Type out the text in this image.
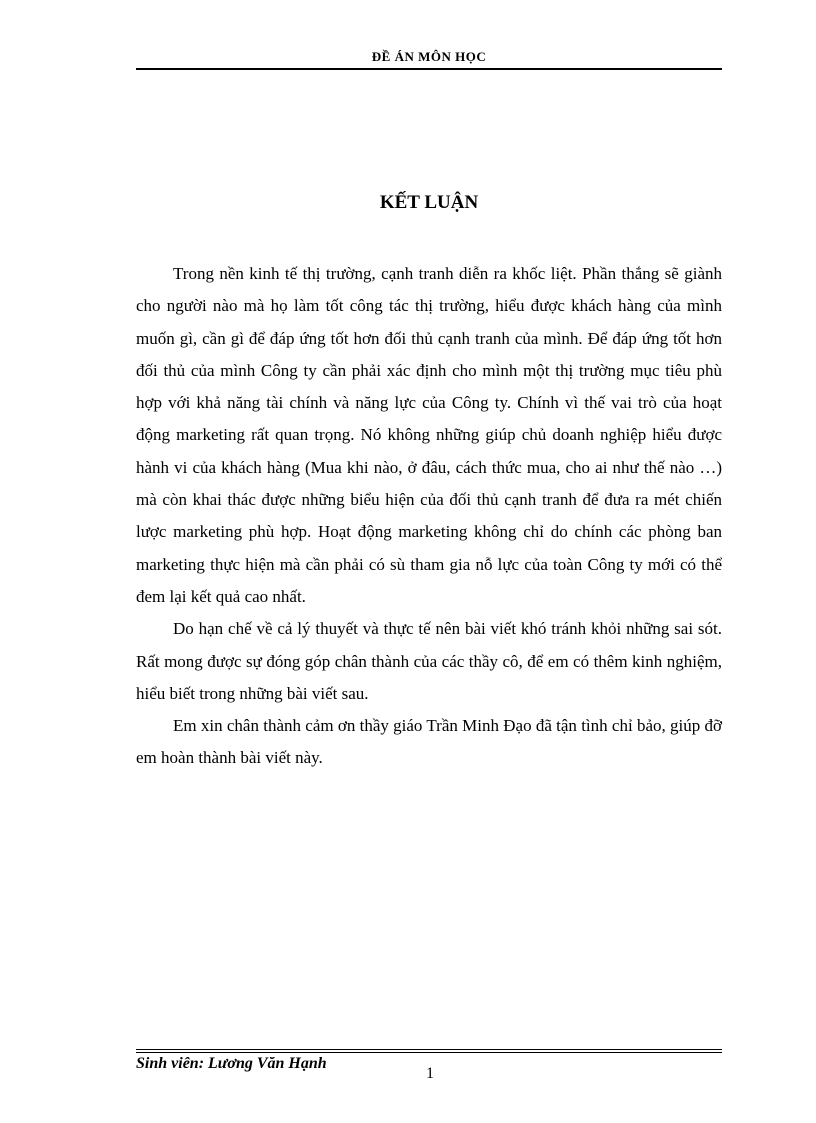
ĐỀ ÁN MÔN HỌC
KẾT LUẬN

Trong nền kinh tế thị trường, cạnh tranh diễn ra khốc liệt. Phần thắng sẽ giành cho người nào mà họ làm tốt công tác thị trường, hiểu được khách hàng của mình muốn gì, cần gì để đáp ứng tốt hơn đối thủ cạnh tranh của mình. Để đáp ứng tốt hơn đối thủ của mình Công ty cần phải xác định cho mình một thị trường mục tiêu phù hợp với khả năng tài chính và năng lực của Công ty. Chính vì thế vai trò của hoạt động marketing rất quan trọng. Nó không những giúp chủ doanh nghiệp hiểu được hành vi của khách hàng (Mua khi nào, ở đâu, cách thức mua, cho ai như thế nào …) mà còn khai thác được những biểu hiện của đối thủ cạnh tranh để đưa ra mét chiến lược marketing phù hợp. Hoạt động marketing không chỉ do chính các phòng ban marketing thực hiện mà cần phải có sù tham gia nỗ lực của toàn Công ty mới có thể đem lại kết quả cao nhất.

Do hạn chế về cả lý thuyết và thực tế nên bài viết khó tránh khỏi những sai sót. Rất mong được sự đóng góp chân thành của các thầy cô, để em có thêm kinh nghiệm, hiểu biết trong những bài viết sau.

Em xin chân thành cảm ơn thầy giáo Trần Minh Đạo đã tận tình chỉ bảo, giúp đỡ em hoàn thành bài viết này.

Sinh viên: Lương Văn Hạnh
1
